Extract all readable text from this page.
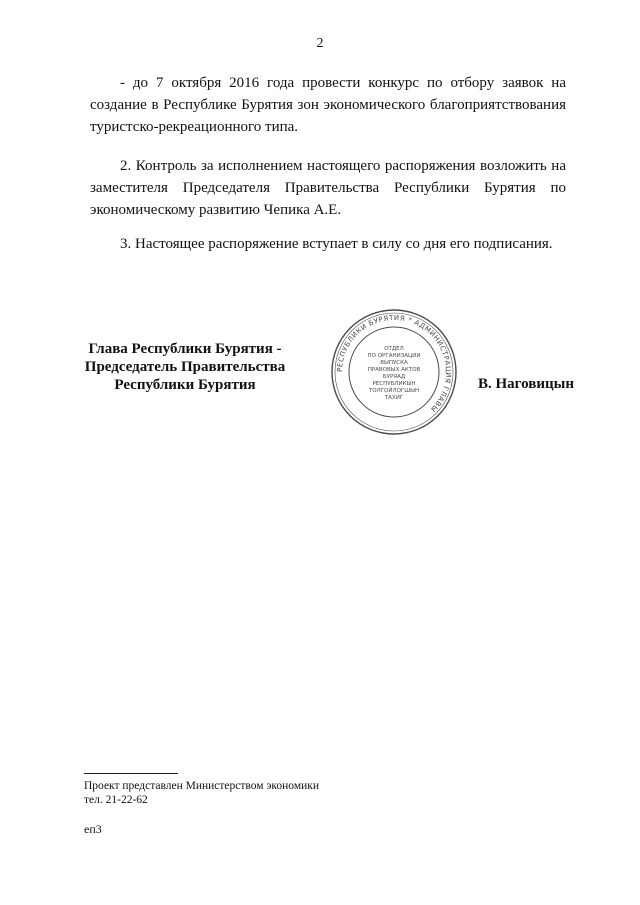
2
- до 7 октября 2016 года провести конкурс по отбору заявок на создание в Республике Бурятия зон экономического благоприятствования туристско-рекреационного типа.
2. Контроль за исполнением настоящего распоряжения возложить на заместителя Председателя Правительства Республики Бурятия по экономическому развитию Чепика А.Е.
3. Настоящее распоряжение вступает в силу со дня его подписания.
Глава Республики Бурятия -
Председатель Правительства
Республики Бурятия
РЕСПУБЛИКИ БУРЯТИЯ * АДМИНИСТРАЦИЯ ГЛАВЫ
ОТДЕЛ
ПО ОРГАНИЗАЦИИ
ВЫПУСКА
ПРАВОВЫХ АКТОВ
БУРЯАД
РЕСПУБЛИКЫН
ТОЛГОЙЛОГШЫН
ТАХИГ
В. Наговицын
Проект представлен Министерством экономики
тел. 21-22-62
еп3
